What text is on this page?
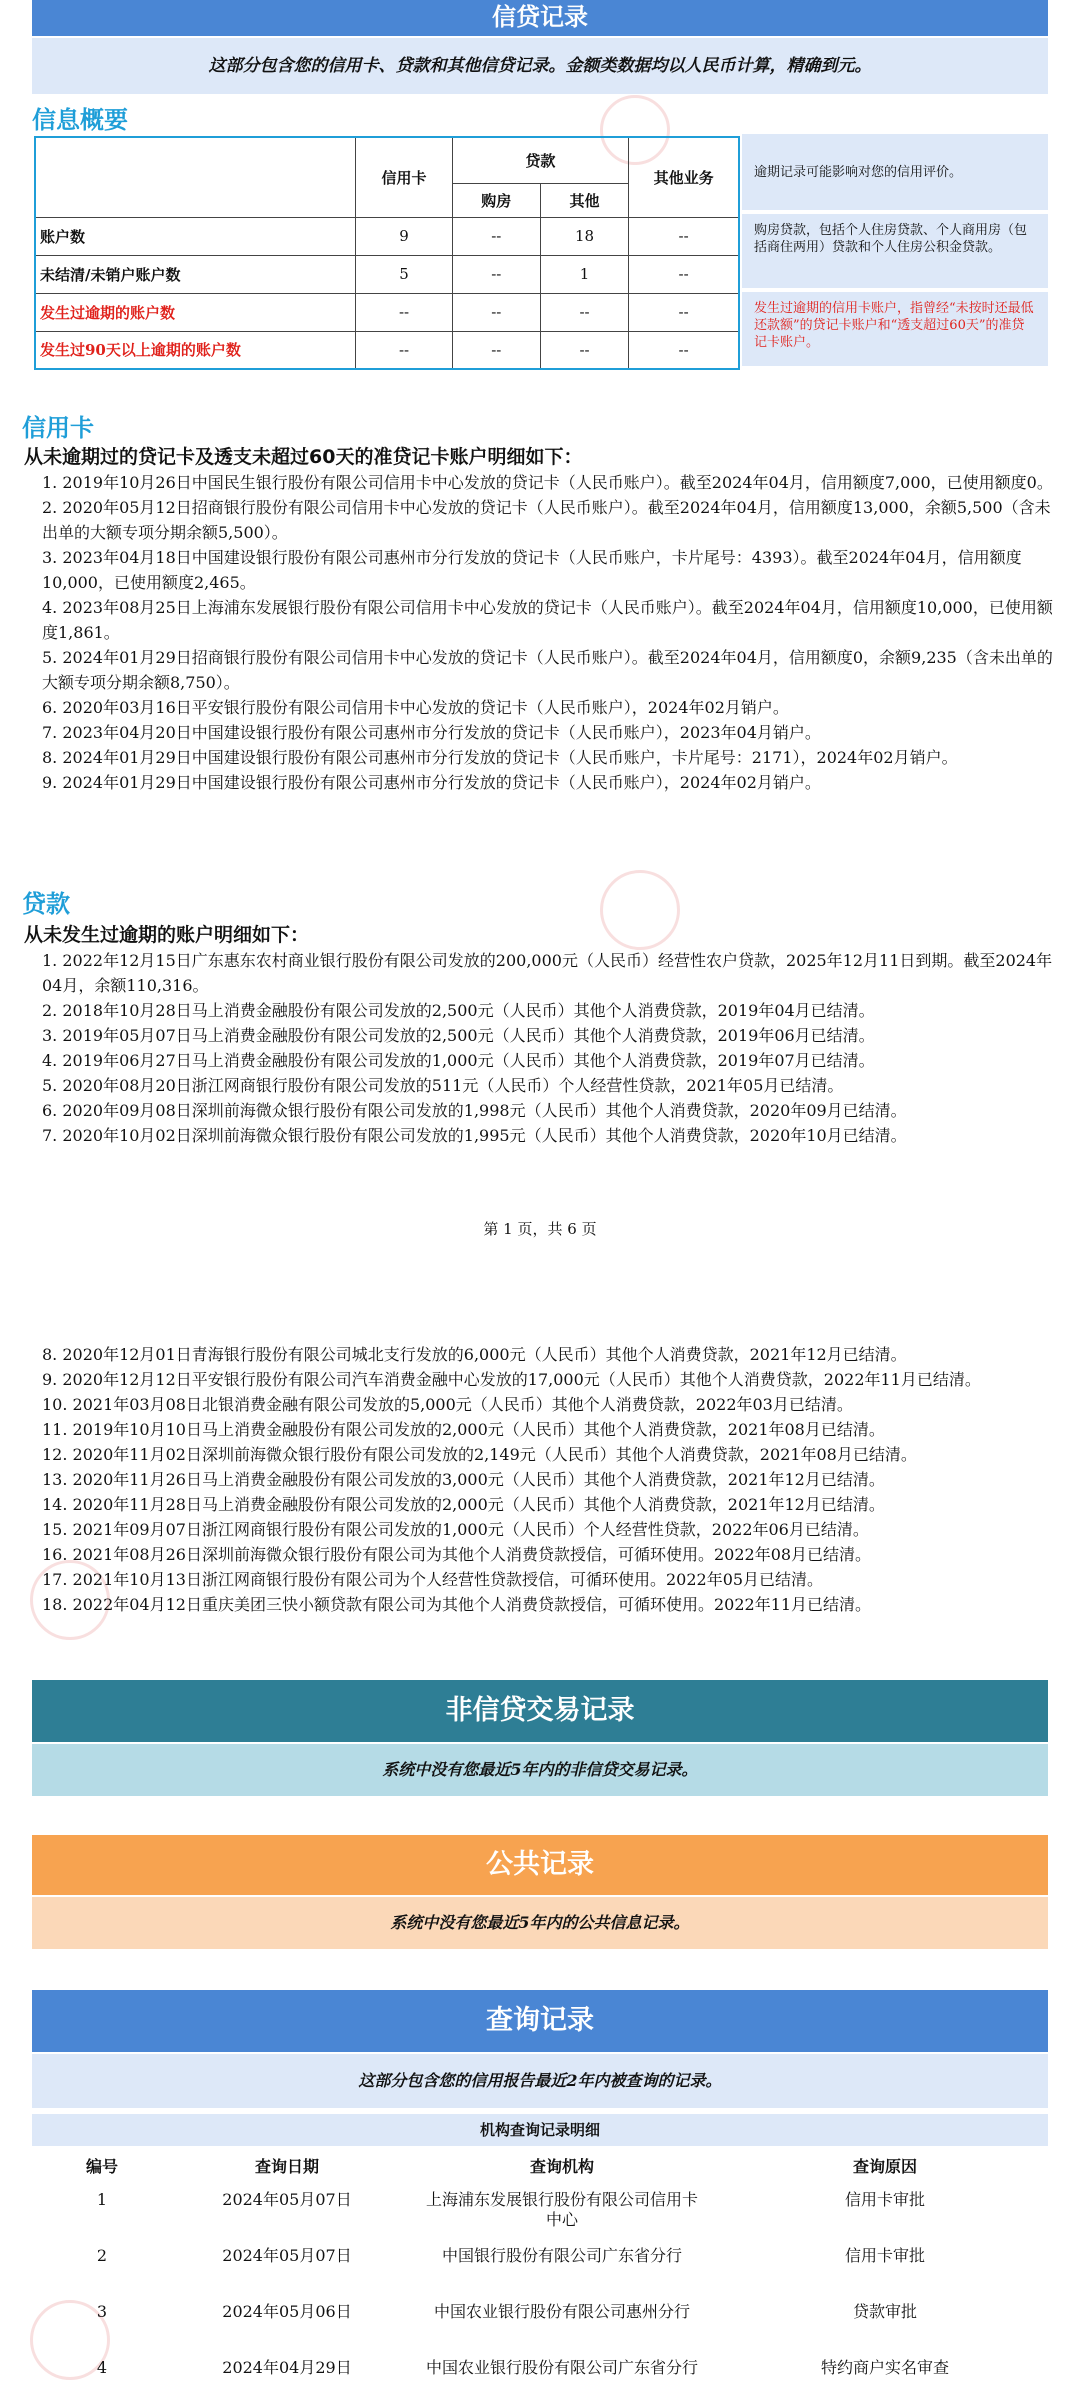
信贷记录
这部分包含您的信用卡、贷款和其他信贷记录。金额类数据均以人民币计算，精确到元。
信息概要
	信用卡	贷款		其他业务
		购房	其他	
账户数	9	--	18	--
未结清/未销户账户数	5	--	1	--
发生过逾期的账户数	--	--	--	--
发生过90天以上逾期的账户数	--	--	--	--
逾期记录可能影响对您的信用评价。
购房贷款，包括个人住房贷款、个人商用房（包括商住两用）贷款和个人住房公积金贷款。
发生过逾期的信用卡账户，指曾经“未按时还最低还款额”的贷记卡账户和“透支超过60天”的准贷记卡账户。
信用卡
从未逾期过的贷记卡及透支未超过60天的准贷记卡账户明细如下：
1. 2019年10月26日中国民生银行股份有限公司信用卡中心发放的贷记卡（人民币账户）。截至2024年04月，信用额度7,000，已使用额度0。
2. 2020年05月12日招商银行股份有限公司信用卡中心发放的贷记卡（人民币账户）。截至2024年04月，信用额度13,000，余额5,500（含未出单的大额专项分期余额5,500）。
3. 2023年04月18日中国建设银行股份有限公司惠州市分行发放的贷记卡（人民币账户，卡片尾号：4393）。截至2024年04月，信用额度10,000，已使用额度2,465。
4. 2023年08月25日上海浦东发展银行股份有限公司信用卡中心发放的贷记卡（人民币账户）。截至2024年04月，信用额度10,000，已使用额度1,861。
5. 2024年01月29日招商银行股份有限公司信用卡中心发放的贷记卡（人民币账户）。截至2024年04月，信用额度0，余额9,235（含未出单的大额专项分期余额8,750）。
6. 2020年03月16日平安银行股份有限公司信用卡中心发放的贷记卡（人民币账户），2024年02月销户。
7. 2023年04月20日中国建设银行股份有限公司惠州市分行发放的贷记卡（人民币账户），2023年04月销户。
8. 2024年01月29日中国建设银行股份有限公司惠州市分行发放的贷记卡（人民币账户，卡片尾号：2171），2024年02月销户。
9. 2024年01月29日中国建设银行股份有限公司惠州市分行发放的贷记卡（人民币账户），2024年02月销户。
贷款
从未发生过逾期的账户明细如下：
1. 2022年12月15日广东惠东农村商业银行股份有限公司发放的200,000元（人民币）经营性农户贷款，2025年12月11日到期。截至2024年04月，余额110,316。
2. 2018年10月28日马上消费金融股份有限公司发放的2,500元（人民币）其他个人消费贷款，2019年04月已结清。
3. 2019年05月07日马上消费金融股份有限公司发放的2,500元（人民币）其他个人消费贷款，2019年06月已结清。
4. 2019年06月27日马上消费金融股份有限公司发放的1,000元（人民币）其他个人消费贷款，2019年07月已结清。
5. 2020年08月20日浙江网商银行股份有限公司发放的511元（人民币）个人经营性贷款，2021年05月已结清。
6. 2020年09月08日深圳前海微众银行股份有限公司发放的1,998元（人民币）其他个人消费贷款，2020年09月已结清。
7. 2020年10月02日深圳前海微众银行股份有限公司发放的1,995元（人民币）其他个人消费贷款，2020年10月已结清。
第 1 页，共 6 页
8. 2020年12月01日青海银行股份有限公司城北支行发放的6,000元（人民币）其他个人消费贷款，2021年12月已结清。
9. 2020年12月12日平安银行股份有限公司汽车消费金融中心发放的17,000元（人民币）其他个人消费贷款，2022年11月已结清。
10. 2021年03月08日北银消费金融有限公司发放的5,000元（人民币）其他个人消费贷款，2022年03月已结清。
11. 2019年10月10日马上消费金融股份有限公司发放的2,000元（人民币）其他个人消费贷款，2021年08月已结清。
12. 2020年11月02日深圳前海微众银行股份有限公司发放的2,149元（人民币）其他个人消费贷款，2021年08月已结清。
13. 2020年11月26日马上消费金融股份有限公司发放的3,000元（人民币）其他个人消费贷款，2021年12月已结清。
14. 2020年11月28日马上消费金融股份有限公司发放的2,000元（人民币）其他个人消费贷款，2021年12月已结清。
15. 2021年09月07日浙江网商银行股份有限公司发放的1,000元（人民币）个人经营性贷款，2022年06月已结清。
16. 2021年08月26日深圳前海微众银行股份有限公司为其他个人消费贷款授信，可循环使用。2022年08月已结清。
17. 2021年10月13日浙江网商银行股份有限公司为个人经营性贷款授信，可循环使用。2022年05月已结清。
18. 2022年04月12日重庆美团三快小额贷款有限公司为其他个人消费贷款授信，可循环使用。2022年11月已结清。
非信贷交易记录
系统中没有您最近5年内的非信贷交易记录。
公共记录
系统中没有您最近5年内的公共信息记录。
查询记录
这部分包含您的信用报告最近2年内被查询的记录。
机构查询记录明细
编号	查询日期	查询机构	查询原因
1	2024年05月07日	上海浦东发展银行股份有限公司信用卡中心	信用卡审批
2	2024年05月07日	中国银行股份有限公司广东省分行	信用卡审批
3	2024年05月06日	中国农业银行股份有限公司惠州分行	贷款审批
4	2024年04月29日	中国农业银行股份有限公司广东省分行	特约商户实名审查
